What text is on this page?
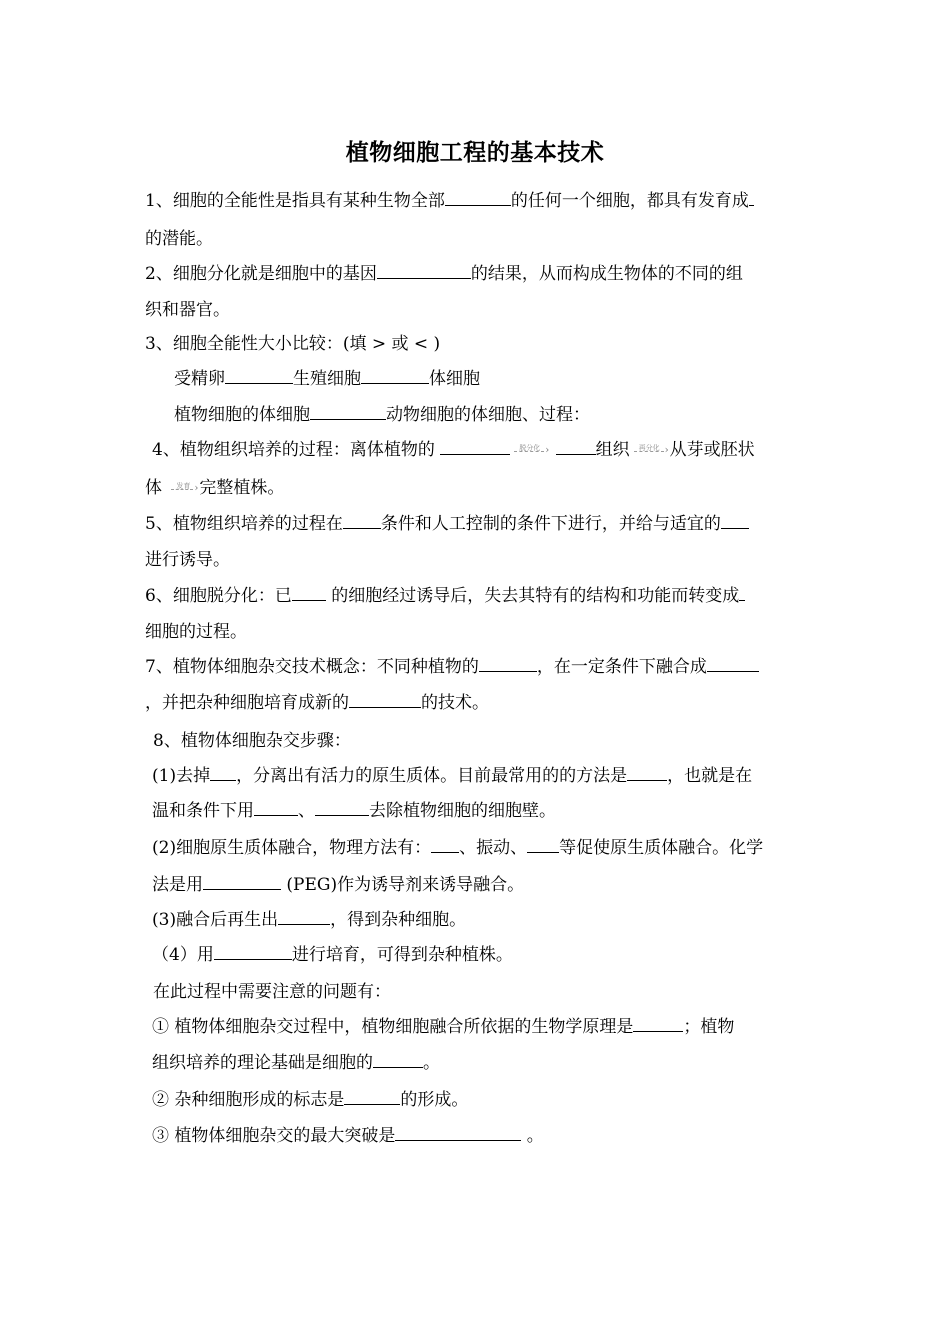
植物细胞工程的基本技术
1、细胞的全能性是指具有某种生物全部	的任何一个细胞，都具有发育成
的潜能。
2、细胞分化就是细胞中的基因	的结果，从而构成生物体的不同的组
织和器官。
3、细胞全能性大小比较：(填 > 或 < )
受精卵	生殖细胞	体细胞
植物细胞的体细胞	动物细胞的体细胞、过程：
4、植物组织培养的过程：离体植物的	脱分化 ›	组织 再分化 › 从芽或胚状
体 发育 › 完整植株。
5、植物组织培养的过程在 条件和人工控制的条件下进行，并给与适宜的
进行诱导。
6、细胞脱分化：已 的细胞经过诱导后，失去其特有的结构和功能而转变成
细胞的过程。
7、植物体细胞杂交技术概念：不同种植物的	，在一定条件下融合成
，并把杂种细胞培育成新的	的技术。
8、植物体细胞杂交步骤：
(1)去掉 ，分离出有活力的原生质体。目前最常用的的方法是 ，也就是在
温和条件下用	、	去除植物细胞的细胞壁。
(2)细胞原生质体融合，物理方法有： 、振动、 等促使原生质体融合。化学
法是用	(PEG)作为诱导剂来诱导融合。
(3)融合后再生出	，得到杂种细胞。
（4）用	进行培育，可得到杂种植株。
在此过程中需要注意的问题有：
① 植物体细胞杂交过程中，植物细胞融合所依据的生物学原理是	；植物
组织培养的理论基础是细胞的	。
② 杂种细胞形成的标志是	的形成。
③ 植物体细胞杂交的最大突破是	。
